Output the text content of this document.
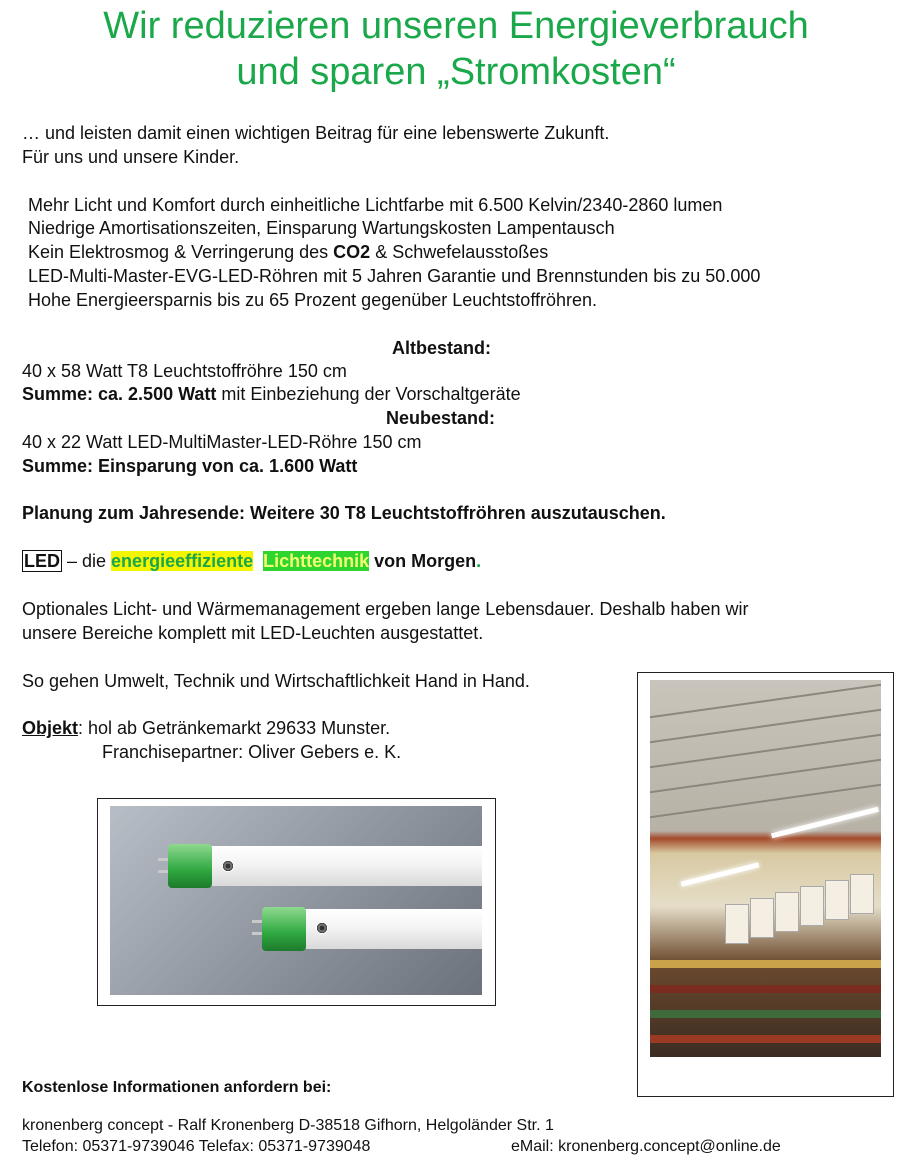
Wir reduzieren unseren Energieverbrauch
und sparen „Stromkosten“
… und leisten damit einen wichtigen Beitrag für eine lebenswerte Zukunft.
Für uns und unsere Kinder.
Mehr Licht und Komfort durch einheitliche Lichtfarbe mit 6.500 Kelvin/2340-2860 lumen
Niedrige Amortisationszeiten, Einsparung Wartungskosten Lampentausch
Kein Elektrosmog & Verringerung des CO2 & Schwefelausstoßes
LED-Multi-Master-EVG-LED-Röhren mit 5 Jahren Garantie und Brennstunden bis zu 50.000
Hohe Energieersparnis bis zu 65 Prozent gegenüber Leuchtstoffröhren.
Altbestand:
40 x 58 Watt T8 Leuchtstoffröhre 150 cm
Summe: ca. 2.500 Watt mit Einbeziehung der Vorschaltgeräte
Neubestand:
40 x 22 Watt LED-MultiMaster-LED-Röhre 150 cm
Summe: Einsparung von ca. 1.600 Watt
Planung zum Jahresende: Weitere 30 T8 Leuchtstoffröhren auszutauschen.
LED – die energieeffiziente Lichttechnik von Morgen.
Optionales Licht- und Wärmemanagement ergeben lange Lebensdauer. Deshalb haben wir
unsere Bereiche komplett mit LED-Leuchten ausgestattet.
So gehen Umwelt, Technik und Wirtschaftlichkeit Hand in Hand.
Objekt: hol ab Getränkemarkt 29633 Munster.
Franchisepartner: Oliver Gebers e. K.
Kostenlose Informationen anfordern bei:
kronenberg concept - Ralf Kronenberg D-38518 Gifhorn, Helgoländer Str. 1
Telefon: 05371-9739046 Telefax: 05371-9739048	eMail: kronenberg.concept@online.de
